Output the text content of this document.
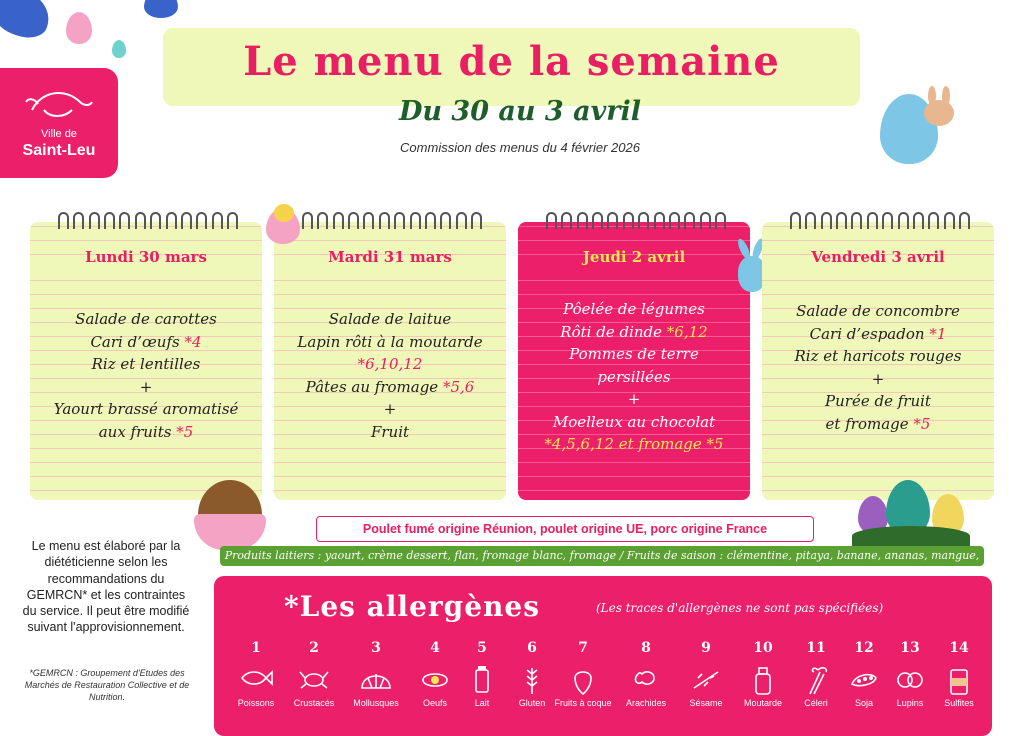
Ville de
Saint-Leu
Le menu de la semaine
Du 30 au 3 avril
Commission des menus du 4 février 2026
Lundi 30 mars
Salade de carottes
Cari d’œufs *4
Riz et lentilles
+
Yaourt brassé aromatisé
aux fruits *5
Mardi 31 mars
Salade de laitue
Lapin rôti à la moutarde
*6,10,12
Pâtes au fromage *5,6
+
Fruit
Jeudi 2 avril
Pôelée de légumes
Rôti de dinde *6,12
Pommes de terre
persillées
+
Moelleux au chocolat
*4,5,6,12 et fromage *5
Vendredi 3 avril
Salade de concombre
Cari d’espadon *1
Riz et haricots rouges
+
Purée de fruit
et fromage *5
Poulet fumé origine Réunion, poulet origine UE, porc origine France
Produits laitiers : yaourt, crème dessert, flan, fromage blanc, fromage / Fruits de saison : clémentine, pitaya, banane, ananas, mangue,
Le menu est élaboré par la diététicienne selon les recommandations du GEMRCN* et les contraintes du service. Il peut être modifié suivant l'approvisionnement.
*GEMRCN : Groupement d'Etudes des Marchés de Restauration Collective et de Nutrition.
*Les allergènes	(Les traces d'allergènes ne sont pas spécifiées)
1
Poissons
2
Crustacés
3
Mollusques
4
Oeufs
5
Lait
6
Gluten
7
Fruits à coque
8
Arachides
9
Sésame
10
Moutarde
11
Céleri
12
Soja
13
Lupins
14
Sulfites
